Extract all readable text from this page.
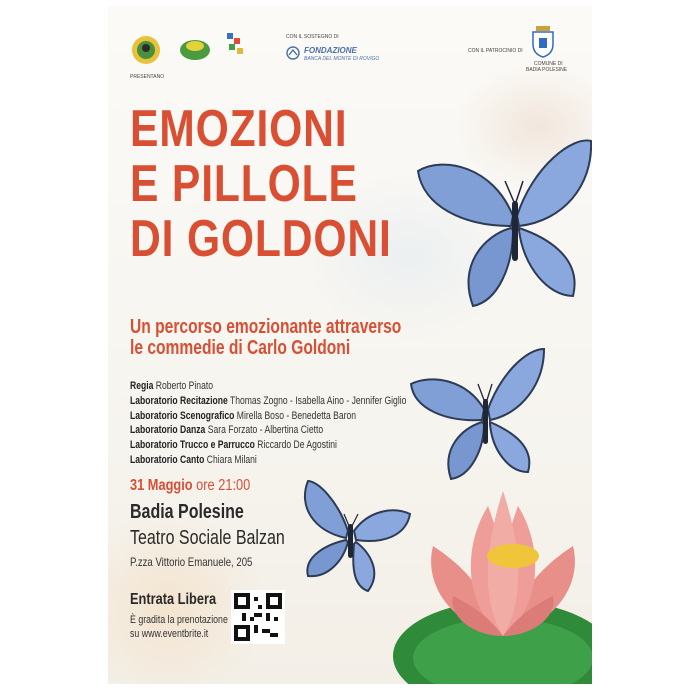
PRESENTANO
CON IL SOSTEGNO DI
FONDAZIONE
BANCA DEL MONTE DI ROVIGO
CON IL PATROCINIO DI
COMUNE DI
BADIA POLESINE
EMOZIONI
E PILLOLE
DI GOLDONI
Un percorso emozionante attraverso
le commedie di Carlo Goldoni
Regia Roberto Pinato
Laboratorio Recitazione Thomas Zogno - Isabella Aino - Jennifer Giglio
Laboratorio Scenografico Mirella Boso - Benedetta Baron
Laboratorio Danza Sara Forzato - Albertina Cietto
Laboratorio Trucco e Parrucco Riccardo De Agostini
Laboratorio Canto Chiara Milani
31 Maggio ore 21:00
Badia Polesine
Teatro Sociale Balzan
P.zza Vittorio Emanuele, 205
Entrata Libera
È gradita la prenotazione
su www.eventbrite.it
